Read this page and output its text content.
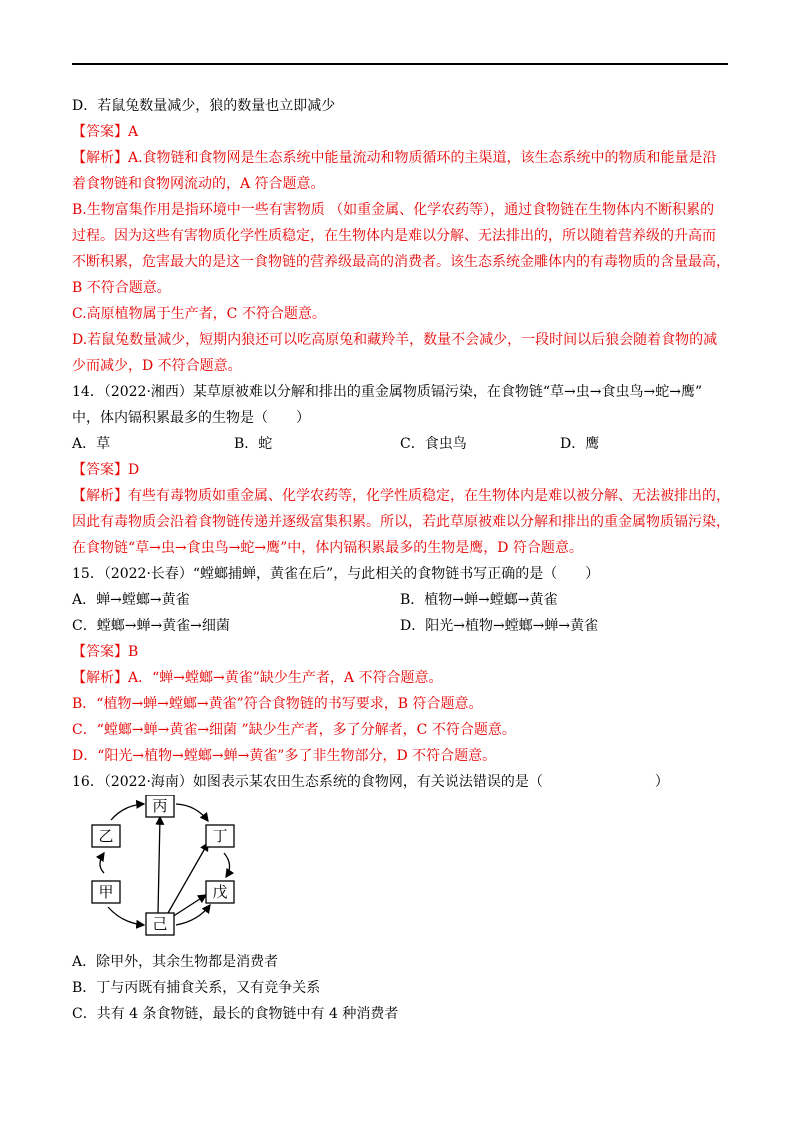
D．若鼠兔数量减少，狼的数量也立即减少
【答案】A
【解析】A.食物链和食物网是生态系统中能量流动和物质循环的主渠道，该生态系统中的物质和能量是沿
着食物链和食物网流动的，A 符合题意。
B.生物富集作用是指环境中一些有害物质 （如重金属、化学农药等），通过食物链在生物体内不断积累的
过程。因为这些有害物质化学性质稳定，在生物体内是难以分解、无法排出的，所以随着营养级的升高而
不断积累，危害最大的是这一食物链的营养级最高的消费者。该生态系统金雕体内的有毒物质的含量最高，
B 不符合题意。
C.高原植物属于生产者，C 不符合题意。
D.若鼠兔数量减少，短期内狼还可以吃高原兔和藏羚羊，数量不会减少，一段时间以后狼会随着食物的减
少而减少，D 不符合题意。
14．（2022·湘西）某草原被难以分解和排出的重金属物质镉污染，在食物链“草→虫→食虫鸟→蛇→鹰”
中，体内镉积累最多的生物是（　　）
A．草	B．蛇	C．食虫鸟	D．鹰
【答案】D
【解析】有些有毒物质如重金属、化学农药等，化学性质稳定，在生物体内是难以被分解、无法被排出的，
因此有毒物质会沿着食物链传递并逐级富集积累。所以，若此草原被难以分解和排出的重金属物质镉污染，
在食物链“草→虫→食虫鸟→蛇→鹰”中，体内镉积累最多的生物是鹰，D 符合题意。
15．（2022·长春）“螳螂捕蝉，黄雀在后”，与此相关的食物链书写正确的是（　　）
A．蝉→螳螂→黄雀	B．植物→蝉→螳螂→黄雀
C．螳螂→蝉→黄雀→细菌	D．阳光→植物→螳螂→蝉→黄雀
【答案】B
【解析】A．“蝉→螳螂→黄雀”缺少生产者，A 不符合题意。
B．“植物→蝉→螳螂→黄雀”符合食物链的书写要求，B 符合题意。
C．“螳螂→蝉→黄雀→细菌 ”缺少生产者，多了分解者，C 不符合题意。
D．“阳光→植物→螳螂→蝉→黄雀”多了非生物部分，D 不符合题意。
16．（2022·海南）如图表示某农田生态系统的食物网，有关说法错误的是（　　　　　　　　）
丙
乙	丁
甲	戊
己
A．除甲外，其余生物都是消费者
B．丁与丙既有捕食关系，又有竞争关系
C．共有 4 条食物链，最长的食物链中有 4 种消费者
